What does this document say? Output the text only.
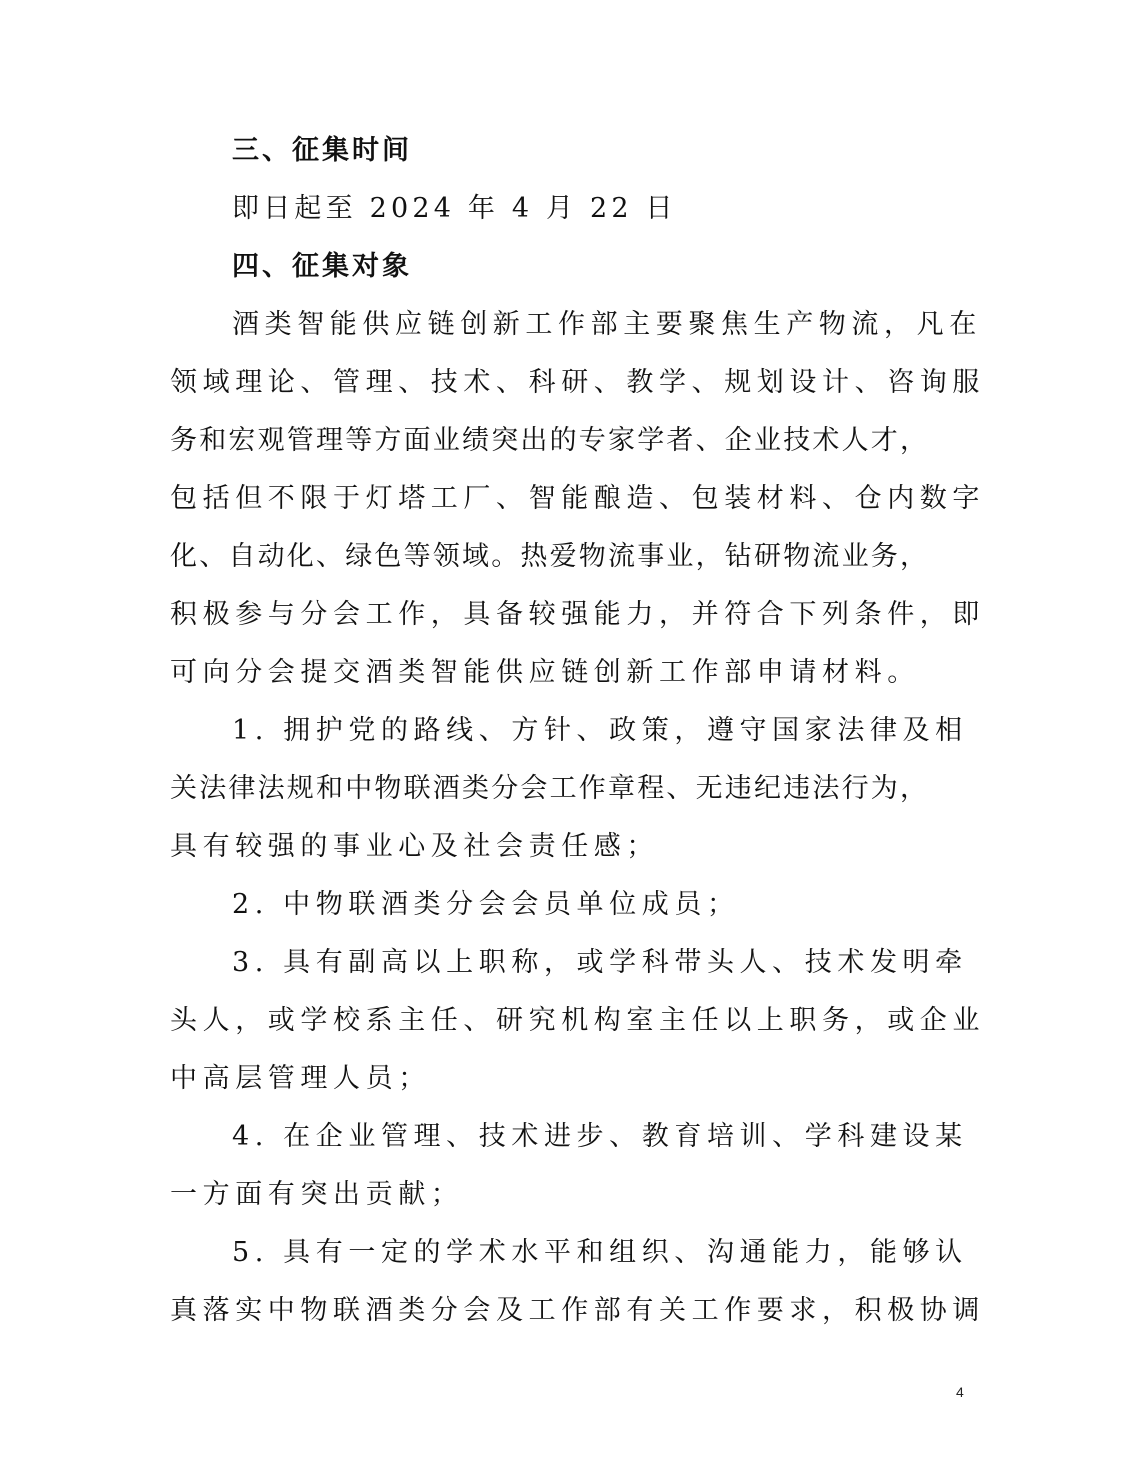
三、征集时间
即日起至 2024 年 4 月 22 日
四、征集对象
酒类智能供应链创新工作部主要聚焦生产物流，凡在
领域理论、管理、技术、科研、教学、规划设计、咨询服
务和宏观管理等方面业绩突出的专家学者、企业技术人才，
包括但不限于灯塔工厂、智能酿造、包装材料、仓内数字
化、自动化、绿色等领域。热爱物流事业，钻研物流业务，
积极参与分会工作，具备较强能力，并符合下列条件，即
可向分会提交酒类智能供应链创新工作部申请材料。
1. 拥护党的路线、方针、政策，遵守国家法律及相
关法律法规和中物联酒类分会工作章程、无违纪违法行为，
具有较强的事业心及社会责任感；
2. 中物联酒类分会会员单位成员；
3. 具有副高以上职称，或学科带头人、技术发明牵
头人，或学校系主任、研究机构室主任以上职务，或企业
中高层管理人员；
4. 在企业管理、技术进步、教育培训、学科建设某
一方面有突出贡献；
5. 具有一定的学术水平和组织、沟通能力，能够认
真落实中物联酒类分会及工作部有关工作要求，积极协调
4
